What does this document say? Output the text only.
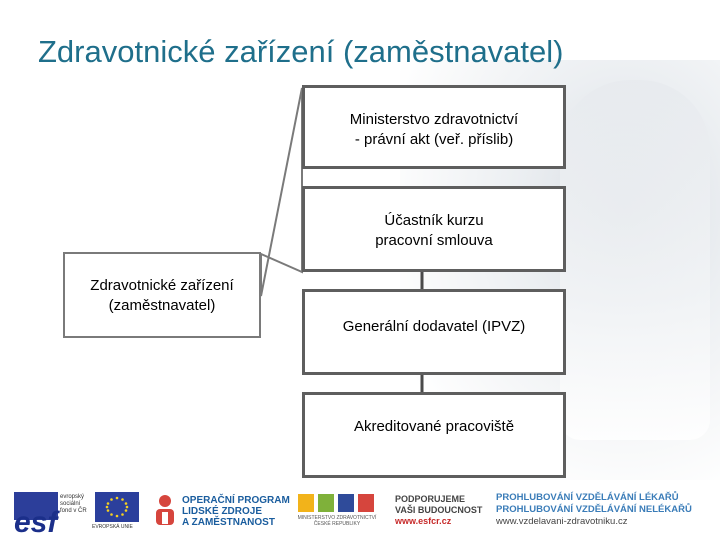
Zdravotnické zařízení (zaměstnavatel)
Zdravotnické zařízení
(zaměstnavatel)
Ministerstvo zdravotnictví
- právní akt (veř. příslib)
Účastník kurzu
pracovní smlouva
Generální dodavatel (IPVZ)
Akreditované pracoviště
esf
evropský
sociální
fond v ČR
EVROPSKÁ UNIE
OPERAČNÍ PROGRAM
LIDSKÉ ZDROJE
A ZAMĚSTNANOST	MINISTERSTVO ZDRAVOTNICTVÍ
ČESKÉ REPUBLIKY
PODPORUJEME
VAŠI BUDOUCNOST
www.esfcr.cz
PROHLUBOVÁNÍ VZDĚLÁVÁNÍ LÉKAŘŮ
PROHLUBOVÁNÍ VZDĚLÁVÁNÍ NELÉKAŘŮ
www.vzdelavani-zdravotniku.cz
